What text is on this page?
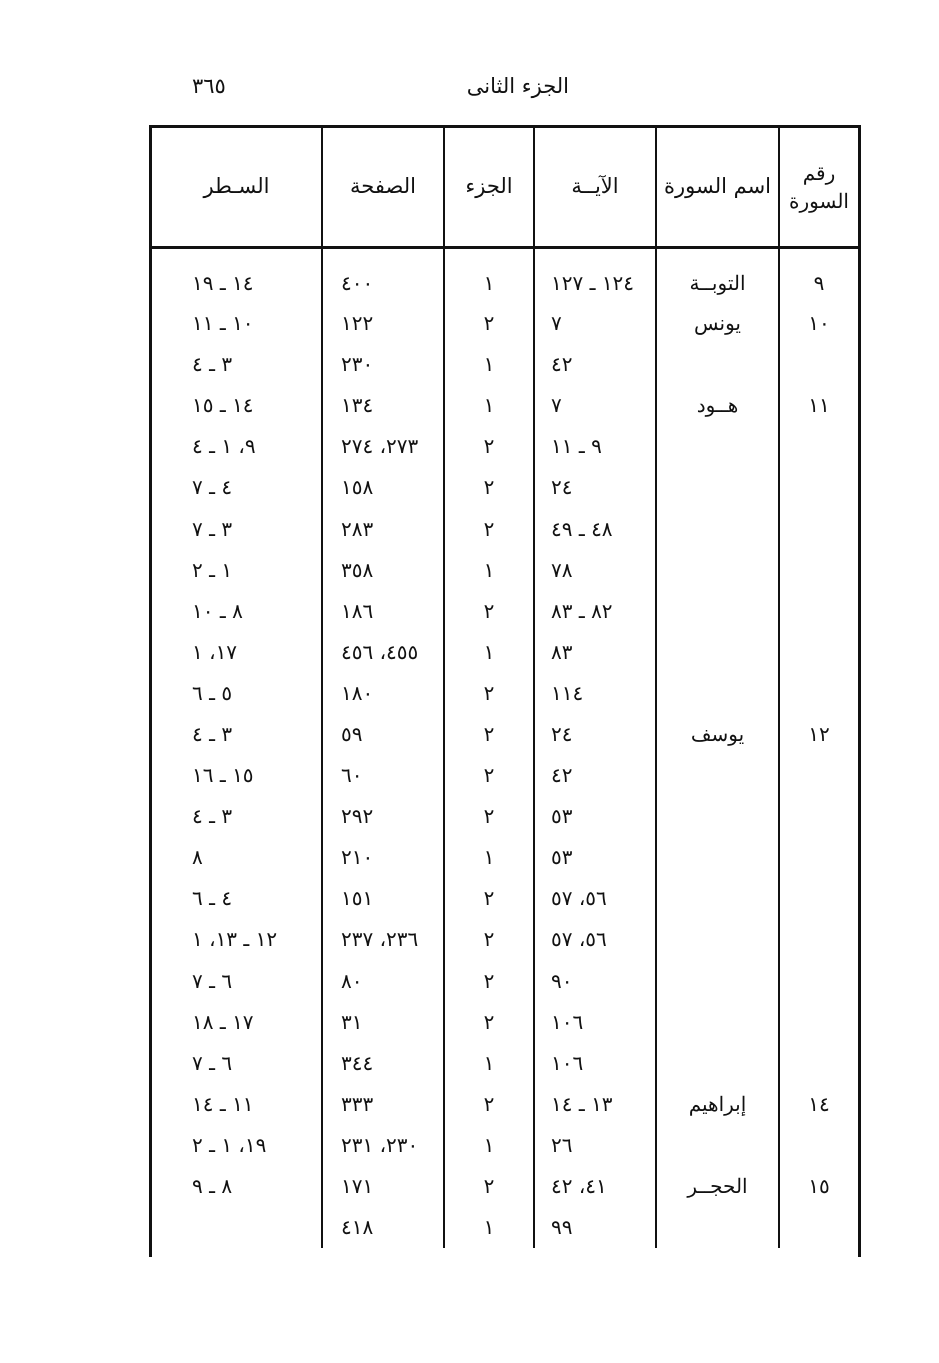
الجزء الثانى
٣٦٥
رقم
السورة	اسم السورة	الآيــة	الجزء	الصفحة	السـطر
٩	التوبــة	١٢٤ ـ ١٢٧	١	٤٠٠	١٤ ـ ١٩
١٠	يونس	٧	٢	١٢٢	١٠ ـ ١١
		٤٢	١	٢٣٠	٣ ـ ٤
١١	هــود	٧	١	١٣٤	١٤ ـ ١٥
		٩ ـ ١١	٢	٢٧٣، ٢٧٤	٩، ١ ـ ٤
		٢٤	٢	١٥٨	٤ ـ ٧
		٤٨ ـ ٤٩	٢	٢٨٣	٣ ـ ٧
		٧٨	١	٣٥٨	١ ـ ٢
		٨٢ ـ ٨٣	٢	١٨٦	٨ ـ ١٠
		٨٣	١	٤٥٥، ٤٥٦	١٧، ١
		١١٤	٢	١٨٠	٥ ـ ٦
١٢	يوسف	٢٤	٢	٥٩	٣ ـ ٤
		٤٢	٢	٦٠	١٥ ـ ١٦
		٥٣	٢	٢٩٢	٣ ـ ٤
		٥٣	١	٢١٠	٨
		٥٦، ٥٧	٢	١٥١	٤ ـ ٦
		٥٦، ٥٧	٢	٢٣٦، ٢٣٧	١٢ ـ ١٣، ١
		٩٠	٢	٨٠	٦ ـ ٧
		١٠٦	٢	٣١	١٧ ـ ١٨
		١٠٦	١	٣٤٤	٦ ـ ٧
١٤	إبراهيم	١٣ ـ ١٤	٢	٣٣٣	١١ ـ ١٤
		٢٦	١	٢٣٠، ٢٣١	١٩، ١ ـ ٢
١٥	الحجــر	٤١، ٤٢	٢	١٧١	٨ ـ ٩
		٩٩	١	٤١٨	
